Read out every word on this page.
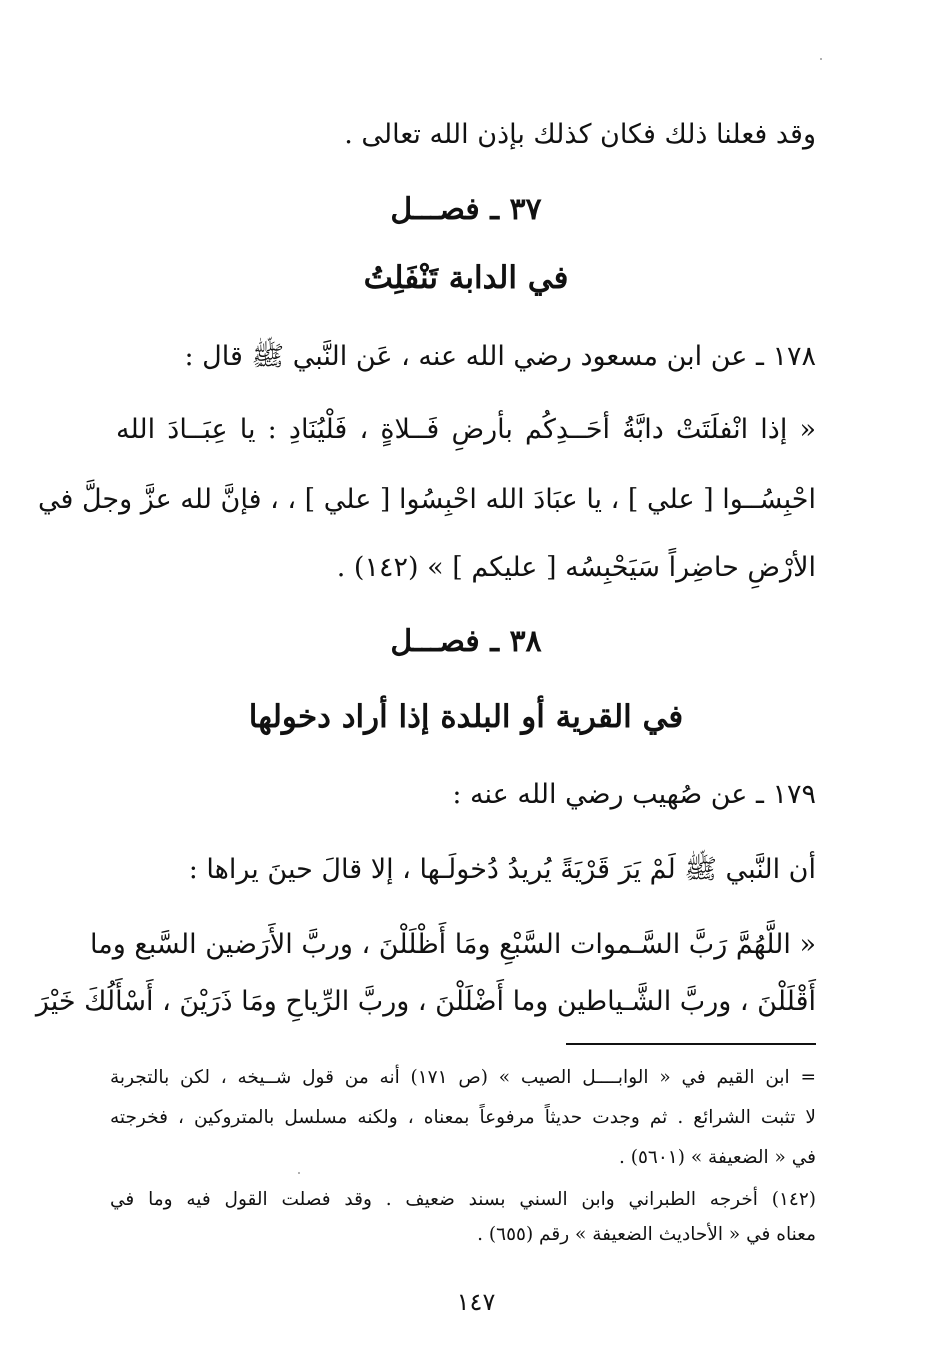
وقد فعلنا ذلك فكان كذلك بإذن الله تعالى .
٣٧ ـ فصـــل
في الدابة تَنْفَلِتُ
١٧٨ ـ عن ابن مسعود رضي الله عنه ، عَن النَّبي ﷺ قال :
« إذا انْفلَتَتْ دابَّةُ أحَــدِكُم بأرضِ فَــلاةٍ ، فَلْيُنَادِ : يا عِبَــادَ الله
احْبِسُــوا [ علي ] ، يا عبَادَ الله احْبِسُوا [ علي ] ، ، فإنَّ لله عزَّ وجلَّ في
الأرْضِ حاضِراً سَيَحْبِسُه [ عليكم ] » (١٤٢) .
٣٨ ـ فصـــل
في القرية أو البلدة إذا أراد دخولها
١٧٩ ـ عن صُهيب رضي الله عنه :
أن النَّبي ﷺ لَمْ يَرَ قَرْيَةً يُريدُ دُخولَـها ، إلا قالَ حينَ يراها :
« اللَّهُمَّ رَبَّ السَّـموات السَّبْعِ ومَا أَظْلَلْنَ ، وربَّ الأَرَضين السَّبع وما
أَقْلَلْنَ ، وربَّ الشَّـياطين وما أَضْلَلْنَ ، وربَّ الرِّياحِ ومَا ذَرَيْنَ ، أَسْأَلُكَ خَيْرَ
= ابن القيم في « الوابــــل الصيب » (ص ١٧١) أنه من قول شــيخه ، لكن بالتجربة
لا تثبت الشرائع . ثم وجدت حديثاً مرفوعاً بمعناه ، ولكنه مسلسل بالمتروكين ، فخرجته
في « الضعيفة » (٥٦٠١) .
(١٤٢) أخرجه الطبراني وابن السني بسند ضعيف . وقد فصلت القول فيه وما في
معناه في « الأحاديث الضعيفة » رقم (٦٥٥) .
١٤٧
